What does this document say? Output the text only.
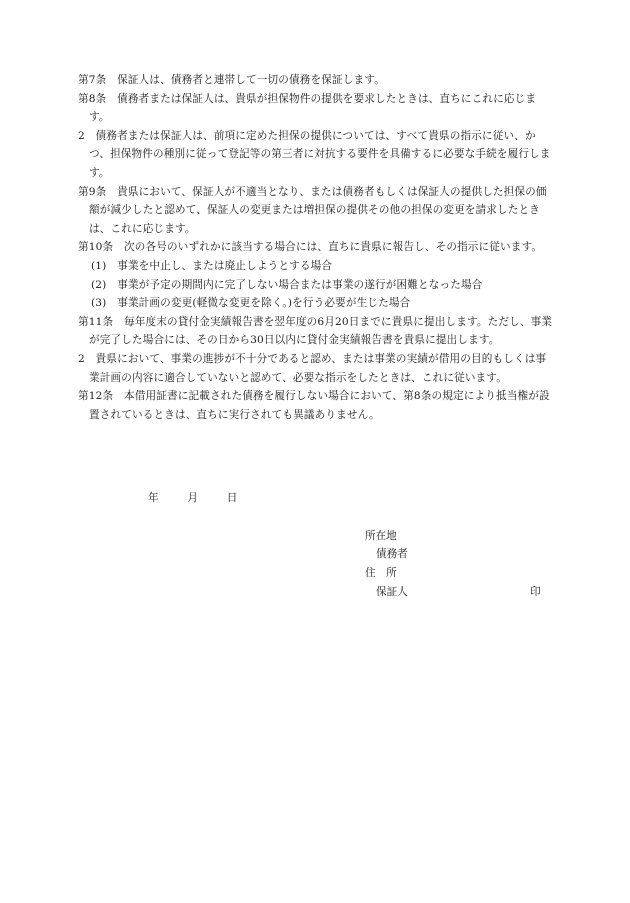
第7条　保証人は、債務者と連帯して一切の債務を保証します。

第8条　債務者または保証人は、貴県が担保物件の提供を要求したときは、直ちにこれに応じます。

2　債務者または保証人は、前項に定めた担保の提供については、すべて貴県の指示に従い、かつ、担保物件の種別に従って登記等の第三者に対抗する要件を具備するに必要な手続を履行します。

第9条　貴県において、保証人が不適当となり、または債務者もしくは保証人の提供した担保の価額が減少したと認めて、保証人の変更または増担保の提供その他の担保の変更を請求したときは、これに応じます。

第10条　次の各号のいずれかに該当する場合には、直ちに貴県に報告し、その指示に従います。

(1)　事業を中止し、または廃止しようとする場合

(2)　事業が予定の期間内に完了しない場合または事業の遂行が困難となった場合

(3)　事業計画の変更(軽微な変更を除く。)を行う必要が生じた場合

第11条　毎年度末の貸付金実績報告書を翌年度の6月20日までに貴県に提出します。ただし、事業が完了した場合には、その日から30日以内に貸付金実績報告書を貴県に提出します。

2　貴県において、事業の進捗が不十分であると認め、または事業の実績が借用の目的もしくは事業計画の内容に適合していないと認めて、必要な指示をしたときは、これに従います。

第12条　本借用証書に記載された債務を履行しない場合において、第8条の規定により抵当権が設置されているときは、直ちに実行されても異議ありません。

年	月	日
所在地
債務者
住　所
保証人	印
